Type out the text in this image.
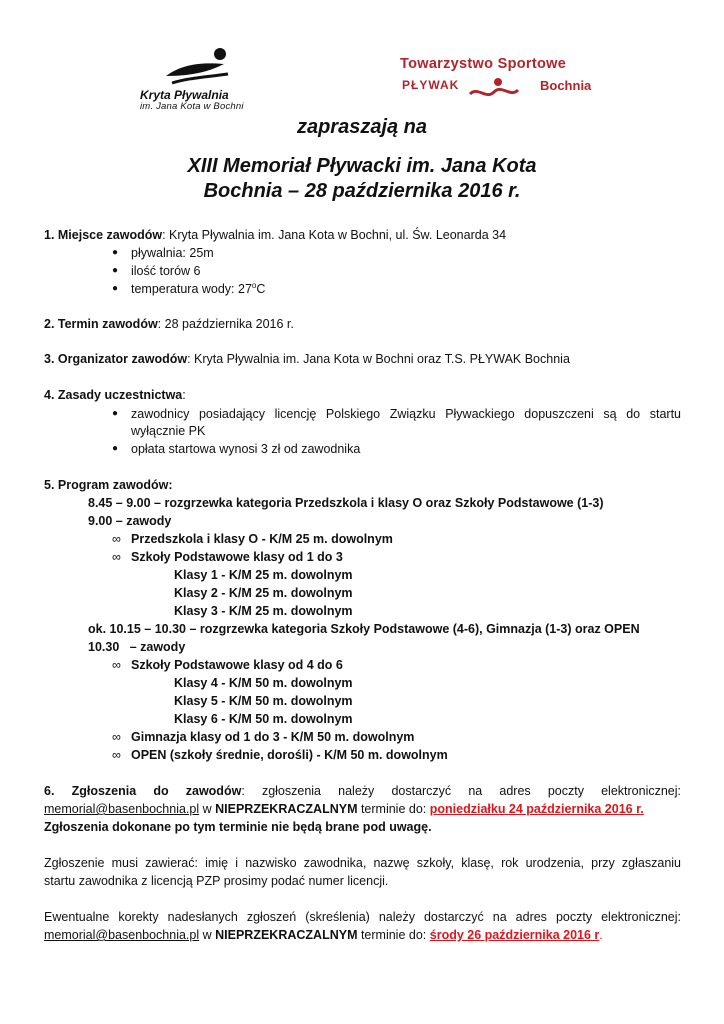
Kryta Pływalnia
im. Jana Kota w Bochni
Towarzystwo Sportowe
PŁYWAK	Bochnia
zapraszają na
XIII Memoriał Pływacki im. Jana Kota
Bochnia – 28 października 2016 r.
1. Miejsce zawodów: Kryta Pływalnia im. Jana Kota w Bochni, ul. Św. Leonarda 34
● pływalnia: 25m
● ilość torów 6
● temperatura wody: 27$^o$C
2. Termin zawodów: 28 października 2016 r.
3. Organizator zawodów: Kryta Pływalnia im. Jana Kota w Bochni oraz T.S. PŁYWAK Bochnia
4. Zasady uczestnictwa:
● zawodnicy posiadający licencję Polskiego Związku Pływackiego dopuszczeni są do startu
wyłącznie PK
● opłata startowa wynosi 3 zł od zawodnika
5. Program zawodów:
8.45 – 9.00 – rozgrzewka kategoria Przedszkola i klasy O oraz Szkoły Podstawowe (1-3)
9.00 – zawody
∞ Przedszkola i klasy O - K/M 25 m. dowolnym
∞ Szkoły Podstawowe klasy od 1 do 3
Klasy 1 - K/M 25 m. dowolnym
Klasy 2 - K/M 25 m. dowolnym
Klasy 3 - K/M 25 m. dowolnym
ok. 10.15 – 10.30 – rozgrzewka kategoria Szkoły Podstawowe (4-6), Gimnazja (1-3) oraz OPEN
10.30   – zawody
∞ Szkoły Podstawowe klasy od 4 do 6
Klasy 4 - K/M 50 m. dowolnym
Klasy 5 - K/M 50 m. dowolnym
Klasy 6 - K/M 50 m. dowolnym
∞ Gimnazja klasy od 1 do 3 - K/M 50 m. dowolnym
∞ OPEN (szkoły średnie, dorośli) - K/M 50 m. dowolnym
6. Zgłoszenia do zawodów: zgłoszenia należy dostarczyć na adres poczty elektronicznej:
memorial@basenbochnia.pl w NIEPRZEKRACZALNYM terminie do: poniedziałku 24 października 2016 r.
Zgłoszenia dokonane po tym terminie nie będą brane pod uwagę.
Zgłoszenie musi zawierać: imię i nazwisko zawodnika, nazwę szkoły, klasę, rok urodzenia, przy zgłaszaniu
startu zawodnika z licencją PZP prosimy podać numer licencji.
Ewentualne korekty nadesłanych zgłoszeń (skreślenia) należy dostarczyć na adres poczty elektronicznej:
memorial@basenbochnia.pl w NIEPRZEKRACZALNYM terminie do: środy 26 października 2016 r.
